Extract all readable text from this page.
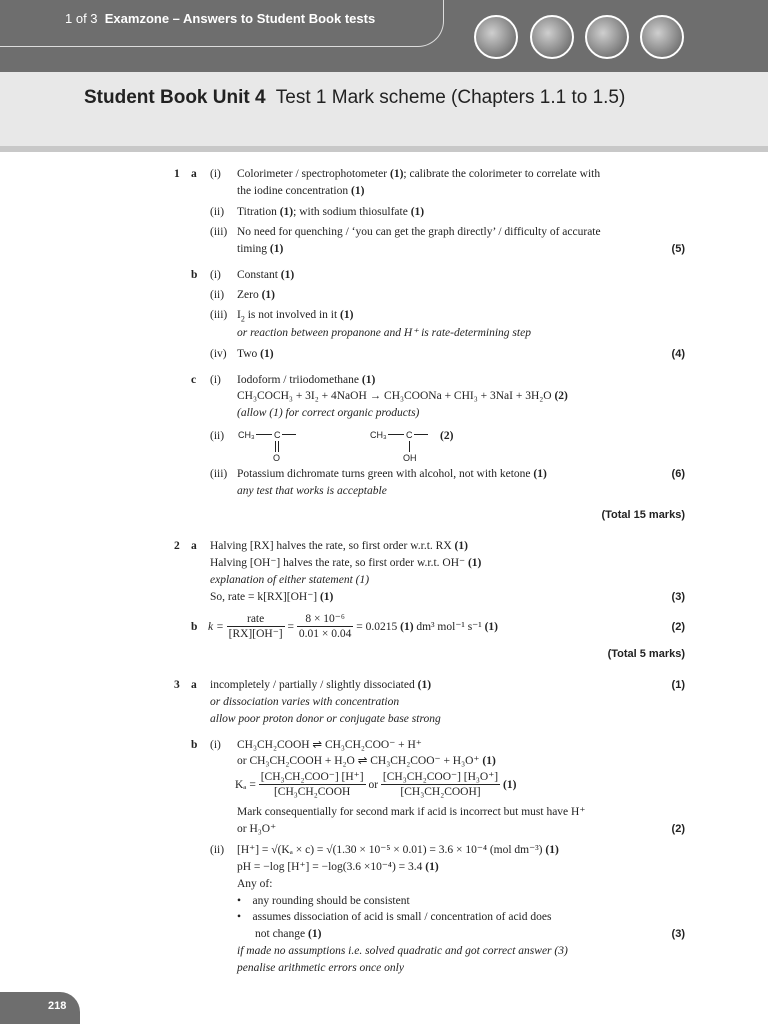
1 of 3 Examzone – Answers to Student Book tests
Student Book Unit 4 Test 1 Mark scheme (Chapters 1.1 to 1.5)
1 a (i) Colorimeter / spectrophotometer (1); calibrate the colorimeter to correlate with
the iodine concentration (1)
(ii) Titration (1); with sodium thiosulfate (1)
(iii) No need for quenching / ‘you can get the graph directly’ / difficulty of accurate
timing (1)	(5)
b (i) Constant (1)
(ii) Zero (1)
(iii) $I_2$ is not involved in it (1)
or reaction between propanone and H⁺ is rate-determining step
(iv) Two (1)	(4)
c (i) Iodoform / triiodomethane (1)
CH₃COCH₃ + 3I₂ + 4NaOH → CH₃COONa + CHI₃ + 3NaI + 3H₂O (2)
(allow (1) for correct organic products)
(ii) CH₃ C
O
CH₃ C
OH
(2)
(iii) Potassium dichromate turns green with alcohol, not with ketone (1)	(6)
any test that works is acceptable
(Total 15 marks)
2 a Halving [RX] halves the rate, so first order w.r.t. RX (1)
Halving [OH⁻] halves the rate, so first order w.r.t. OH⁻ (1)
explanation of either statement (1)
So, rate = k[RX][OH⁻] (1)	(3)
b $k = \frac{\text{rate}}{[RX][OH^-]} = \frac{\text{8 × 10⁻⁶}}{0.01 \times 0.04} = 0.0215$ (1) dm³ mol⁻¹ s⁻¹ (1)	(2)
(Total 5 marks)
3 a incompletely / partially / slightly dissociated (1)	(1)
or dissociation varies with concentration
allow poor proton donor or conjugate base strong
b (i) CH₃CH₂COOH ⇌ CH₃CH₂COO⁻ + H⁺
or CH₃CH₂COOH + H₂O ⇌ CH₃CH₂COO⁻ + H₃O⁺ (1)
$K_a = \frac{\text{[CH₃CH₂COO⁻] [H⁺]}}{\text{[CH₃CH₂COOH}}$ or $\frac{\text{[CH₃CH₂COO⁻] [H₃O⁺]}}{\text{[CH₃CH₂COOH]}} (1)$
Mark consequentially for second mark if acid is incorrect but must have H⁺
or H₃O⁺	(2)
(ii) [H⁺] = √(Kₐ × c) = √(1.30 × 10⁻⁵ × 0.01) = 3.6 × 10⁻⁴ (mol dm⁻³) (1)
pH = −log [H⁺] = −log(3.6 ×10⁻⁴) = 3.4 (1)
Any of:
•    any rounding should be consistent
•    assumes dissociation of acid is small / concentration of acid does
not change (1)	(3)
if made no assumptions i.e. solved quadratic and got correct answer (3)
penalise arithmetic errors once only
218
